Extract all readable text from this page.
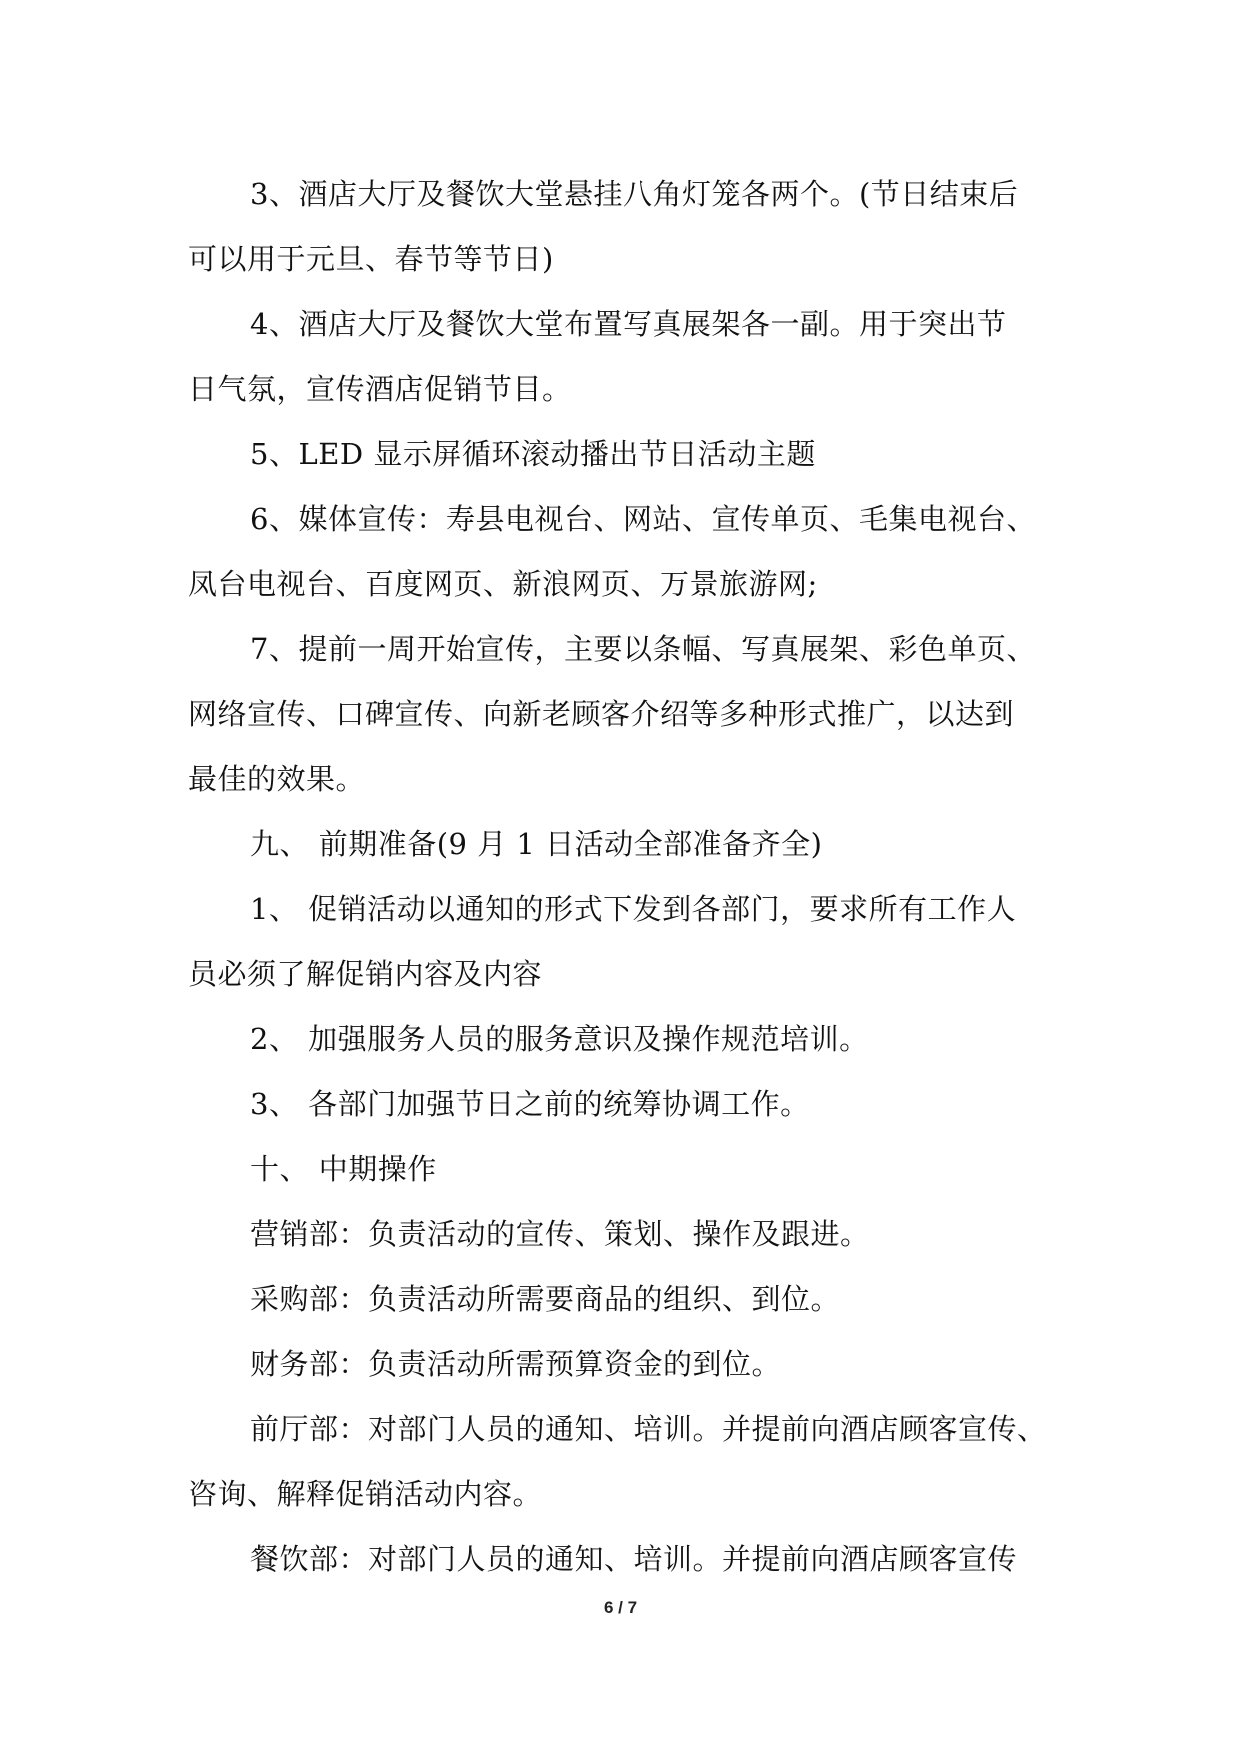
3、酒店大厅及餐饮大堂悬挂八角灯笼各两个。(节日结束后
可以用于元旦、春节等节日)
4、酒店大厅及餐饮大堂布置写真展架各一副。用于突出节
日气氛，宣传酒店促销节目。
5、LED 显示屏循环滚动播出节日活动主题
6、媒体宣传：寿县电视台、网站、宣传单页、毛集电视台、
凤台电视台、百度网页、新浪网页、万景旅游网;
7、提前一周开始宣传，主要以条幅、写真展架、彩色单页、
网络宣传、口碑宣传、向新老顾客介绍等多种形式推广，以达到
最佳的效果。
九、 前期准备(9 月 1 日活动全部准备齐全)
1、 促销活动以通知的形式下发到各部门，要求所有工作人
员必须了解促销内容及内容
2、 加强服务人员的服务意识及操作规范培训。
3、 各部门加强节日之前的统筹协调工作。
十、 中期操作
营销部：负责活动的宣传、策划、操作及跟进。
采购部：负责活动所需要商品的组织、到位。
财务部：负责活动所需预算资金的到位。
前厅部：对部门人员的通知、培训。并提前向酒店顾客宣传、
咨询、解释促销活动内容。
餐饮部：对部门人员的通知、培训。并提前向酒店顾客宣传
6 / 7
